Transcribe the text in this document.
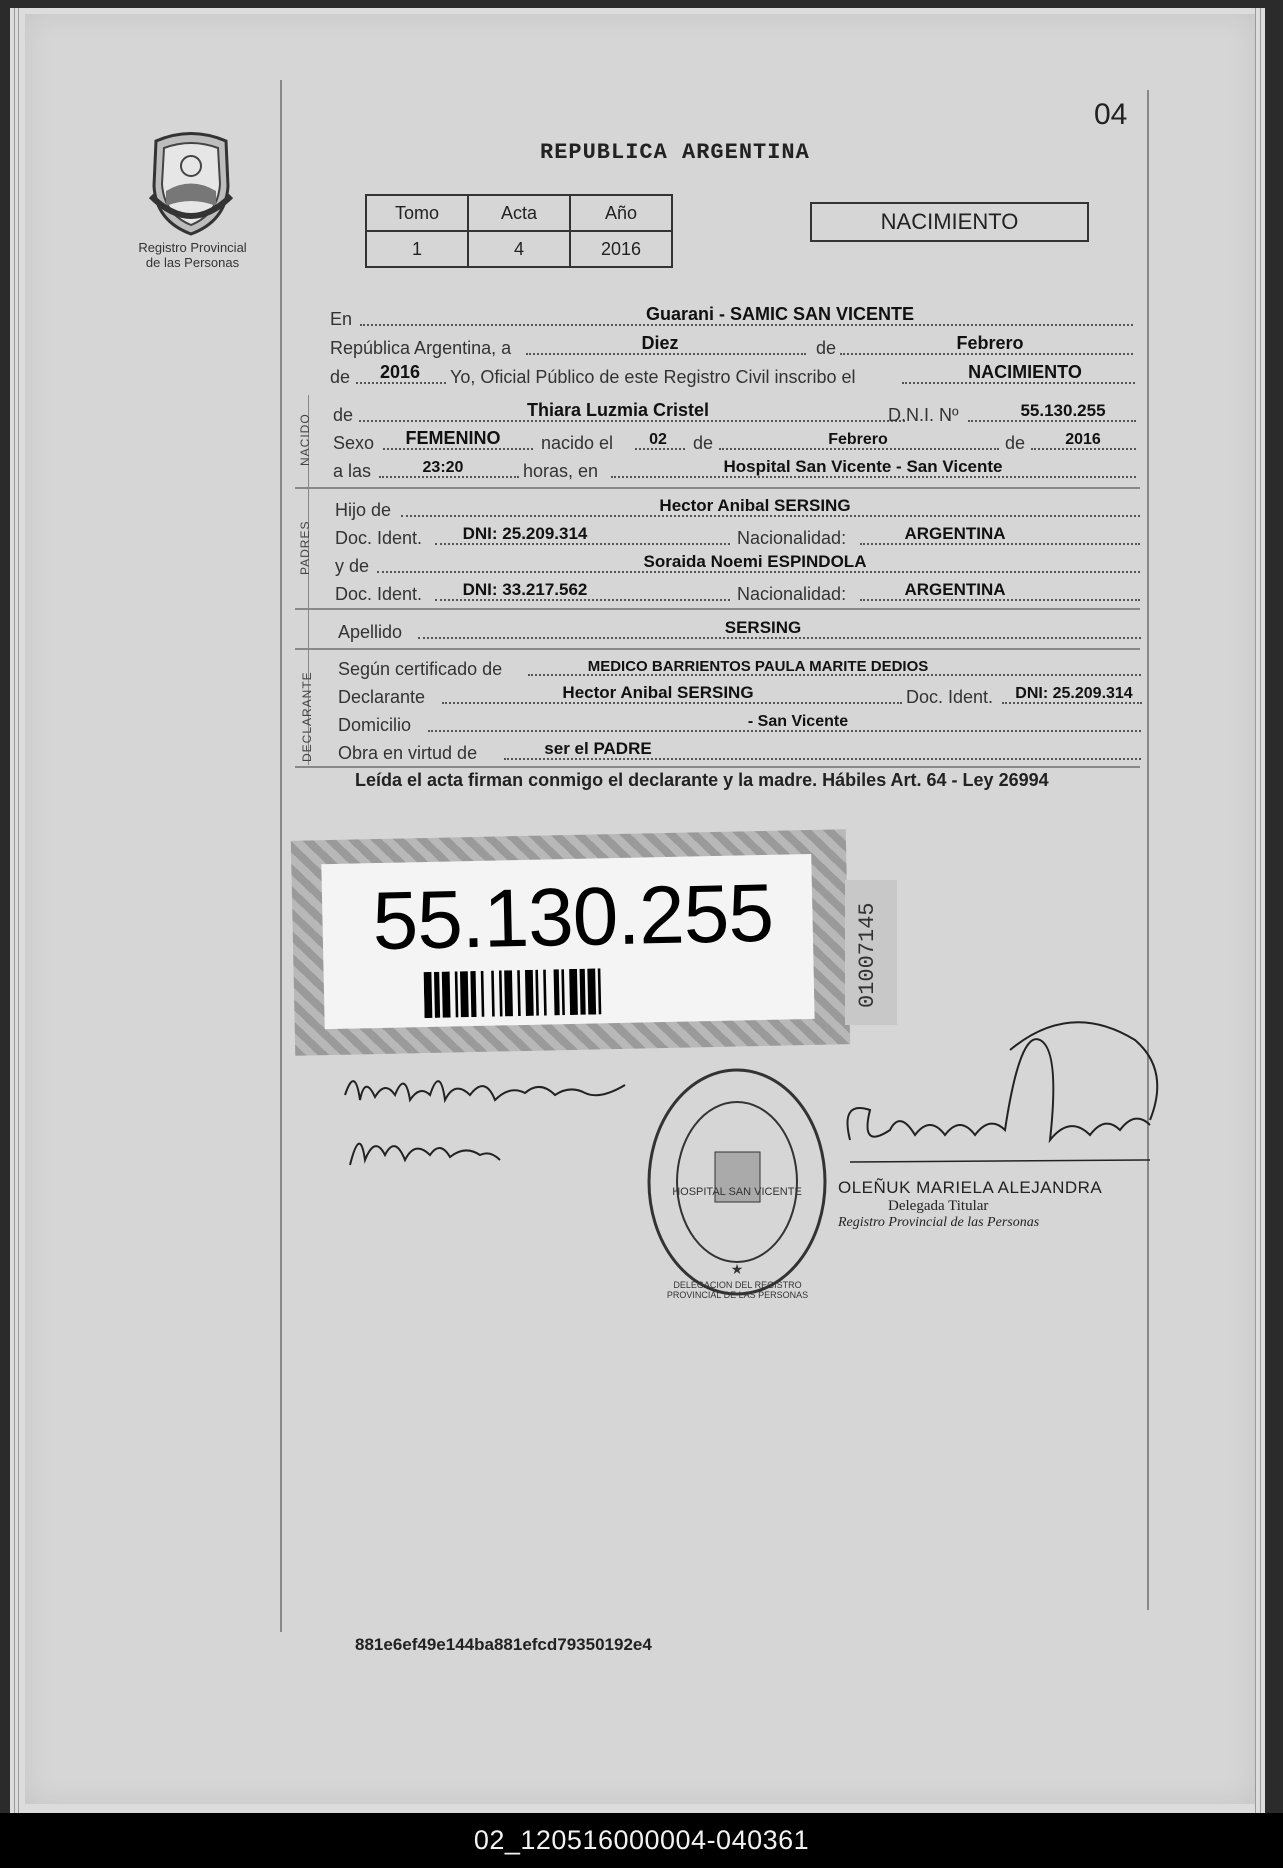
04
Registro Provincial
de las Personas
REPUBLICA ARGENTINA
Tomo	Acta	Año
1	4	2016
NACIMIENTO
En	Guarani - SAMIC SAN VICENTE
República Argentina, a	Diez	de	Febrero
de	2016	Yo, Oficial Público de este Registro Civil inscribo el	NACIMIENTO
NACIDO de	Thiara Luzmia Cristel	D.N.I. Nº	55.130.255
Sexo	FEMENINO	nacido el	02	de	Febrero	de	2016
a las	23:20	horas, en	Hospital San Vicente - San Vicente
PADRES
Hijo de	Hector Anibal SERSING
Doc. Ident.	DNI: 25.209.314	Nacionalidad:	ARGENTINA
y de	Soraida Noemi ESPINDOLA
Doc. Ident.	DNI: 33.217.562	Nacionalidad:	ARGENTINA
Apellido	SERSING
DECLARANTE
Según certificado de	MEDICO BARRIENTOS PAULA MARITE DEDIOS
Declarante	Hector Anibal SERSING	Doc. Ident.	DNI: 25.209.314
Domicilio	- San Vicente
Obra en virtud de	ser el PADRE
Leída el acta firman conmigo el declarante y la madre. Hábiles Art. 64 - Ley 26994
55.130.255	01007145
★
HOSPITAL SAN VICENTE
DELEGACION DEL REGISTRO PROVINCIAL DE LAS PERSONAS
OLEÑUK MARIELA ALEJANDRA
Delegada Titular
Registro Provincial de las Personas
881e6ef49e144ba881efcd79350192e4
02_120516000004-040361
